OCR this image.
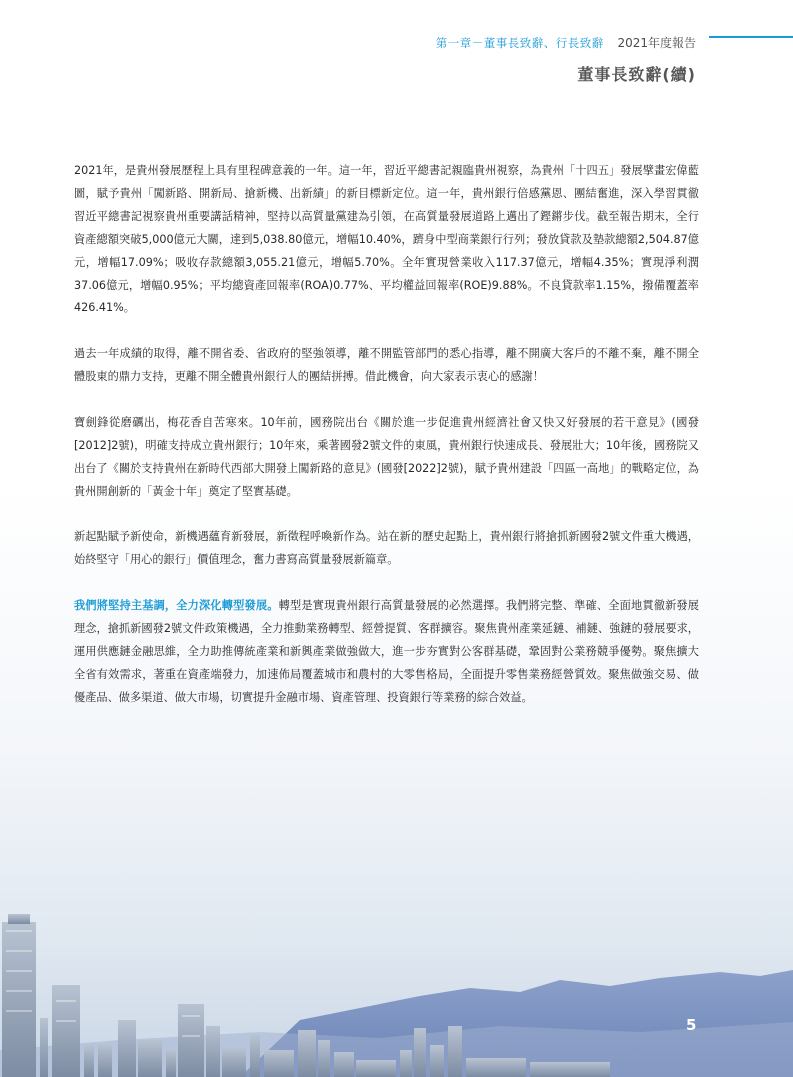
第一章－董事長致辭、行長致辭 2021年度報告
董事長致辭(續)

2021年，是貴州發展歷程上具有里程碑意義的一年。這一年，習近平總書記親臨貴州視察，為貴州「十四五」發展擘畫宏偉藍圖，賦予貴州「闖新路、開新局、搶新機、出新績」的新目標新定位。這一年，貴州銀行倍感黨恩、團結奮進，深入學習貫徹習近平總書記視察貴州重要講話精神，堅持以高質量黨建為引領，在高質量發展道路上邁出了鏗鏘步伐。截至報告期末，全行資產總額突破5,000億元大關，達到5,038.80億元，增幅10.40%，躋身中型商業銀行行列；發放貸款及墊款總額2,504.87億元，增幅17.09%；吸收存款總額3,055.21億元，增幅5.70%。全年實現營業收入117.37億元，增幅4.35%；實現淨利潤37.06億元，增幅0.95%；平均總資產回報率(ROA)0.77%、平均權益回報率(ROE)9.88%。不良貸款率1.15%，撥備覆蓋率426.41%。

過去一年成績的取得，離不開省委、省政府的堅強領導，離不開監管部門的悉心指導，離不開廣大客戶的不離不棄，離不開全體股東的鼎力支持，更離不開全體貴州銀行人的團結拼搏。借此機會，向大家表示衷心的感謝！

寶劍鋒從磨礪出，梅花香自苦寒來。10年前，國務院出台《關於進一步促進貴州經濟社會又快又好發展的若干意見》(國發[2012]2號)，明確支持成立貴州銀行；10年來，乘著國發2號文件的東風，貴州銀行快速成長、發展壯大；10年後，國務院又出台了《關於支持貴州在新時代西部大開發上闖新路的意見》(國發[2022]2號)，賦予貴州建設「四區一高地」的戰略定位，為貴州開創新的「黃金十年」奠定了堅實基礎。

新起點賦予新使命，新機遇蘊育新發展，新徵程呼喚新作為。站在新的歷史起點上，貴州銀行將搶抓新國發2號文件重大機遇，始終堅守「用心的銀行」價值理念，奮力書寫高質量發展新篇章。

我們將堅持主基調，全力深化轉型發展。轉型是實現貴州銀行高質量發展的必然選擇。我們將完整、準確、全面地貫徹新發展理念，搶抓新國發2號文件政策機遇，全力推動業務轉型、經營提質、客群擴容。聚焦貴州產業延鏈、補鏈、強鏈的發展要求，運用供應鏈金融思維，全力助推傳統產業和新興產業做強做大，進一步夯實對公客群基礎，鞏固對公業務競爭優勢。聚焦擴大全省有效需求，著重在資產端發力，加速佈局覆蓋城市和農村的大零售格局，全面提升零售業務經營質效。聚焦做強交易、做優產品、做多渠道、做大市場，切實提升金融市場、資產管理、投資銀行等業務的綜合效益。

5
